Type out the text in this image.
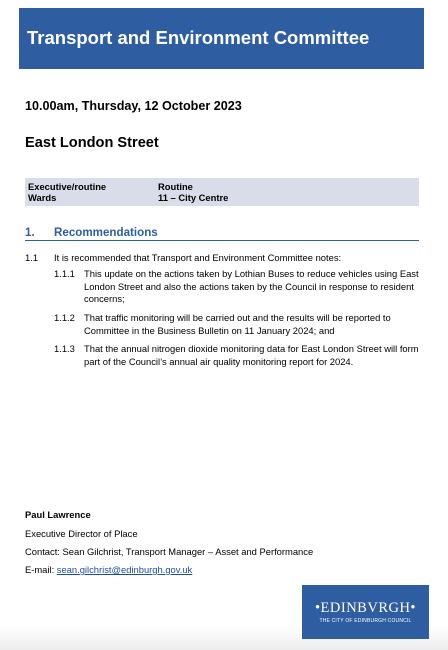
Transport and Environment Committee
10.00am, Thursday, 12 October 2023
East London Street
Executive/routine	Routine
Wards	11 – City Centre
1. Recommendations
1.1 It is recommended that Transport and Environment Committee notes:
1.1.1 This update on the actions taken by Lothian Buses to reduce vehicles using East London Street and also the actions taken by the Council in response to resident concerns;
1.1.2 That traffic monitoring will be carried out and the results will be reported to Committee in the Business Bulletin on 11 January 2024; and
1.1.3 That the annual nitrogen dioxide monitoring data for East London Street will form part of the Council’s annual air quality monitoring report for 2024.
Paul Lawrence
Executive Director of Place
Contact: Sean Gilchrist, Transport Manager – Asset and Performance
E-mail: sean.gilchrist@edinburgh.gov.uk
•EDINBVRGH•
THE CITY OF EDINBURGH COUNCIL
